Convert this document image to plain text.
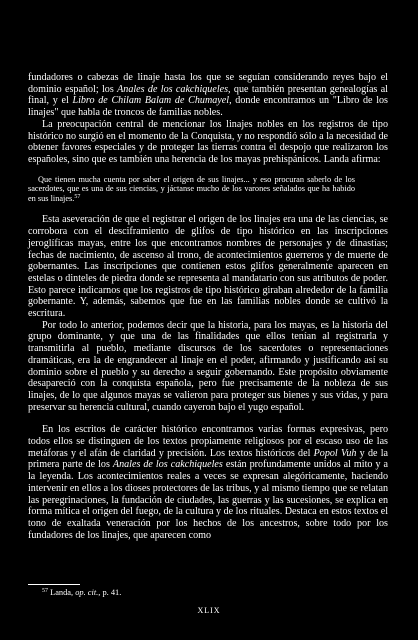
fundadores o cabezas de linaje hasta los que se seguían considerando reyes bajo el dominio español; los Anales de los cakchiqueles, que también presentan genealogías al final, y el Libro de Chilam Balam de Chumayel, donde encontramos un "Libro de los linajes" que habla de troncos de familias nobles.

La preocupación central de mencionar los linajes nobles en los registros de tipo histórico no surgió en el momento de la Conquista, y no respondió sólo a la necesidad de obtener favores especiales y de proteger las tierras contra el despojo que realizaron los españoles, sino que es también una herencia de los mayas prehispánicos. Landa afirma:

Que tienen mucha cuenta por saber el origen de sus linajes... y eso procuran saberlo de los sacerdotes, que es una de sus ciencias, y jáctanse mucho de los varones señalados que ha habido en sus linajes.$^{57}$

Esta aseveración de que el registrar el origen de los linajes era una de las ciencias, se corrobora con el desciframiento de glifos de tipo histórico en las inscripciones jeroglíficas mayas, entre los que encontramos nombres de personajes y de dinastías; fechas de nacimiento, de ascenso al trono, de acontecimientos guerreros y de muerte de gobernantes. Las inscripciones que contienen estos glifos generalmente aparecen en estelas o dinteles de piedra donde se representa al mandatario con sus atributos de poder. Esto parece indicarnos que los registros de tipo histórico giraban alrededor de la familia gobernante. Y, además, sabemos que fue en las familias nobles donde se cultivó la escritura.

Por todo lo anterior, podemos decir que la historia, para los mayas, es la historia del grupo dominante, y que una de las finalidades que ellos tenían al registrarla y transmitirla al pueblo, mediante discursos de los sacerdotes o representaciones dramáticas, era la de engrandecer al linaje en el poder, afirmando y justificando así su dominio sobre el pueblo y su derecho a seguir gobernando. Este propósito obviamente desapareció con la conquista española, pero fue precisamente de la nobleza de sus linajes, de lo que algunos mayas se valieron para proteger sus bienes y sus vidas, y para preservar su herencia cultural, cuando cayeron bajo el yugo español.

En los escritos de carácter histórico encontramos varias formas expresivas, pero todos ellos se distinguen de los textos propiamente religiosos por el escaso uso de las metáforas y el afán de claridad y precisión. Los textos históricos del Popol Vuh y de la primera parte de los Anales de los cakchiqueles están profundamente unidos al mito y a la leyenda. Los acontecimientos reales a veces se expresan alegóricamente, haciendo intervenir en ellos a los dioses protectores de las tribus, y al mismo tiempo que se relatan las peregrinaciones, la fundación de ciudades, las guerras y las sucesiones, se explica en forma mítica el origen del fuego, de la cultura y de los rituales. Destaca en estos textos el tono de exaltada veneración por los hechos de los ancestros, sobre todo por los fundadores de los linajes, que aparecen como

$^{57}$ Landa, op. cit., p. 41.
XLIX
